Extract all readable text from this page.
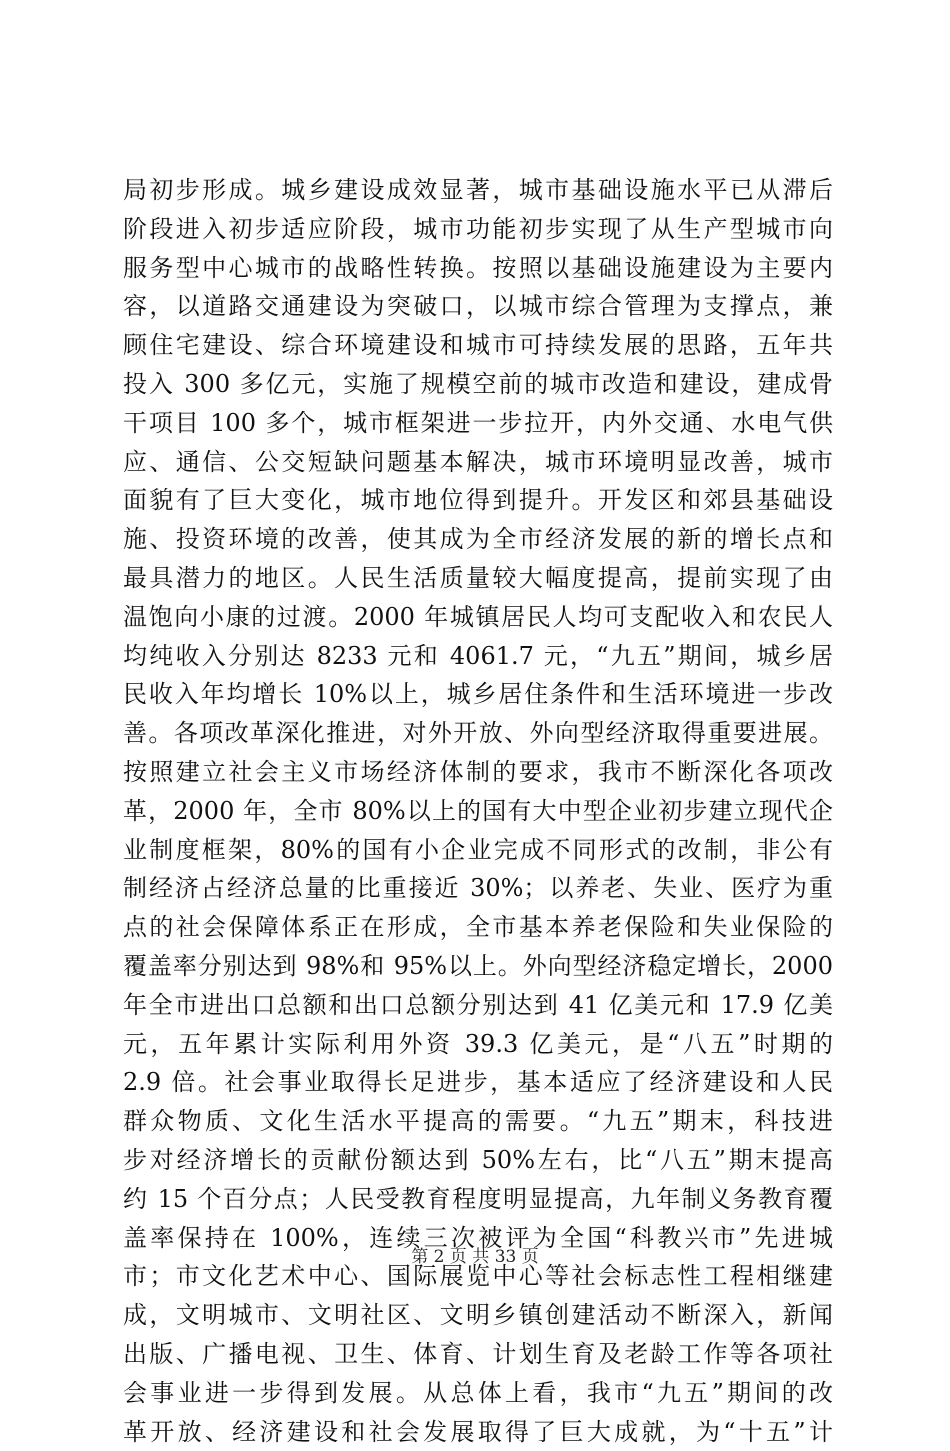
局初步形成。城乡建设成效显著，城市基础设施水平已从滞后
阶段进入初步适应阶段，城市功能初步实现了从生产型城市向
服务型中心城市的战略性转换。按照以基础设施建设为主要内
容，以道路交通建设为突破口，以城市综合管理为支撑点，兼
顾住宅建设、综合环境建设和城市可持续发展的思路，五年共
投入 300 多亿元，实施了规模空前的城市改造和建设，建成骨
干项目 100 多个，城市框架进一步拉开，内外交通、水电气供
应、通信、公交短缺问题基本解决，城市环境明显改善，城市
面貌有了巨大变化，城市地位得到提升。开发区和郊县基础设
施、投资环境的改善，使其成为全市经济发展的新的增长点和
最具潜力的地区。人民生活质量较大幅度提高，提前实现了由
温饱向小康的过渡。2000 年城镇居民人均可支配收入和农民人
均纯收入分别达 8233 元和 4061.7 元，“九五”期间，城乡居
民收入年均增长 10%以上，城乡居住条件和生活环境进一步改
善。各项改革深化推进，对外开放、外向型经济取得重要进展。
按照建立社会主义市场经济体制的要求，我市不断深化各项改
革，2000 年，全市 80%以上的国有大中型企业初步建立现代企
业制度框架，80%的国有小企业完成不同形式的改制，非公有
制经济占经济总量的比重接近 30%；以养老、失业、医疗为重
点的社会保障体系正在形成，全市基本养老保险和失业保险的
覆盖率分别达到 98%和 95%以上。外向型经济稳定增长，2000
年全市进出口总额和出口总额分别达到 41 亿美元和 17.9 亿美
元，五年累计实际利用外资 39.3 亿美元，是“八五”时期的
2.9 倍。社会事业取得长足进步，基本适应了经济建设和人民
群众物质、文化生活水平提高的需要。“九五”期末，科技进
步对经济增长的贡献份额达到 50%左右，比“八五”期末提高
约 15 个百分点；人民受教育程度明显提高，九年制义务教育覆
盖率保持在 100%，连续三次被评为全国“科教兴市”先进城
市；市文化艺术中心、国际展览中心等社会标志性工程相继建
成，文明城市、文明社区、文明乡镇创建活动不断深入，新闻
出版、广播电视、卫生、体育、计划生育及老龄工作等各项社
会事业进一步得到发展。从总体上看，我市“九五”期间的改
革开放、经济建设和社会发展取得了巨大成就，为“十五”计
第 2 页 共 33 页
